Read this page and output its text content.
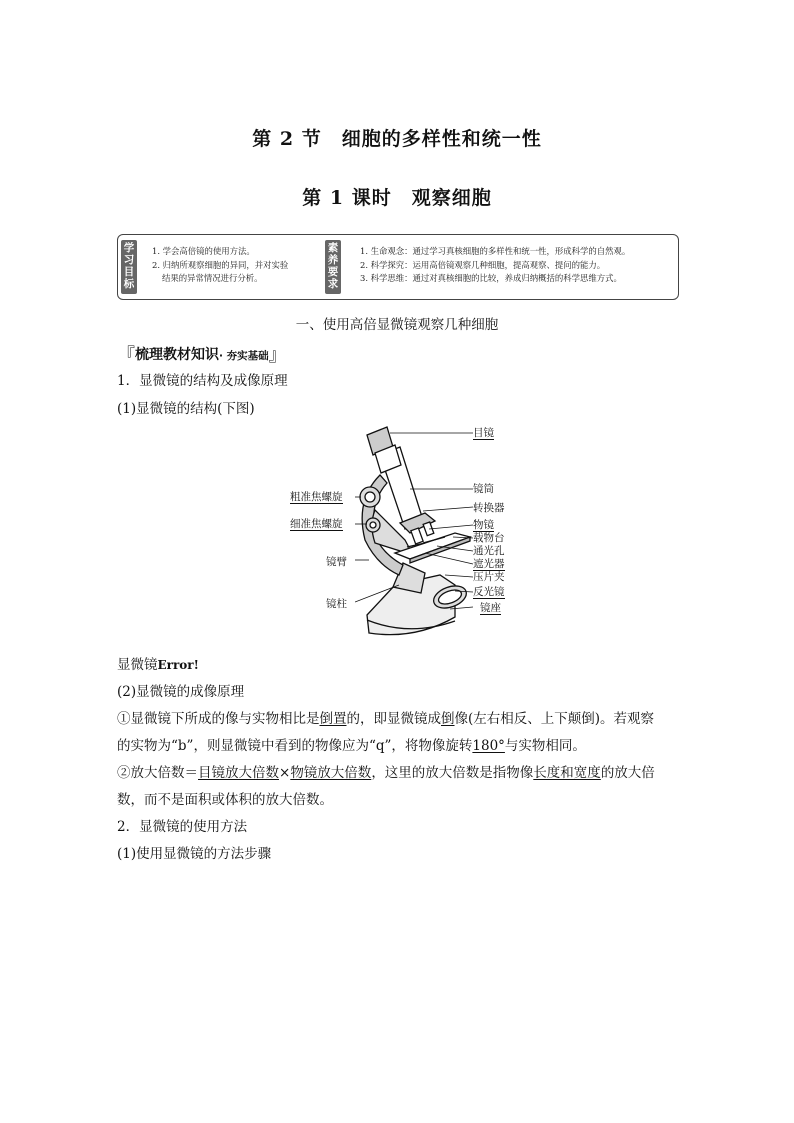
第 2 节　细胞的多样性和统一性
第 1 课时　观察细胞
学
习
目
标
1. 学会高倍镜的使用方法。
2. 归纳所观察细胞的异同，并对实验
结果的异常情况进行分析。
素
养
要
求
1. 生命观念：通过学习真核细胞的多样性和统一性，形成科学的自然观。
2. 科学探究：运用高倍镜观察几种细胞，提高观察、提问的能力。
3. 科学思维：通过对真核细胞的比较，养成归纳概括的科学思维方式。
一、使用高倍显微镜观察几种细胞
『梳理教材知识· 夯实基础』
1．显微镜的结构及成像原理
(1)显微镜的结构(下图)
目镜
镜筒
转换器
物镜
载物台
通光孔
遮光器
压片夹
反光镜
镜座
粗准焦螺旋
细准焦螺旋
镜臂
镜柱
显微镜Error!
(2)显微镜的成像原理
①显微镜下所成的像与实物相比是倒置的，即显微镜成倒像(左右相反、上下颠倒)。若观察
的实物为“b”，则显微镜中看到的物像应为“q”，将物像旋转180°与实物相同。
②放大倍数＝目镜放大倍数×物镜放大倍数，这里的放大倍数是指物像长度和宽度的放大倍
数，而不是面积或体积的放大倍数。
2．显微镜的使用方法
(1)使用显微镜的方法步骤
